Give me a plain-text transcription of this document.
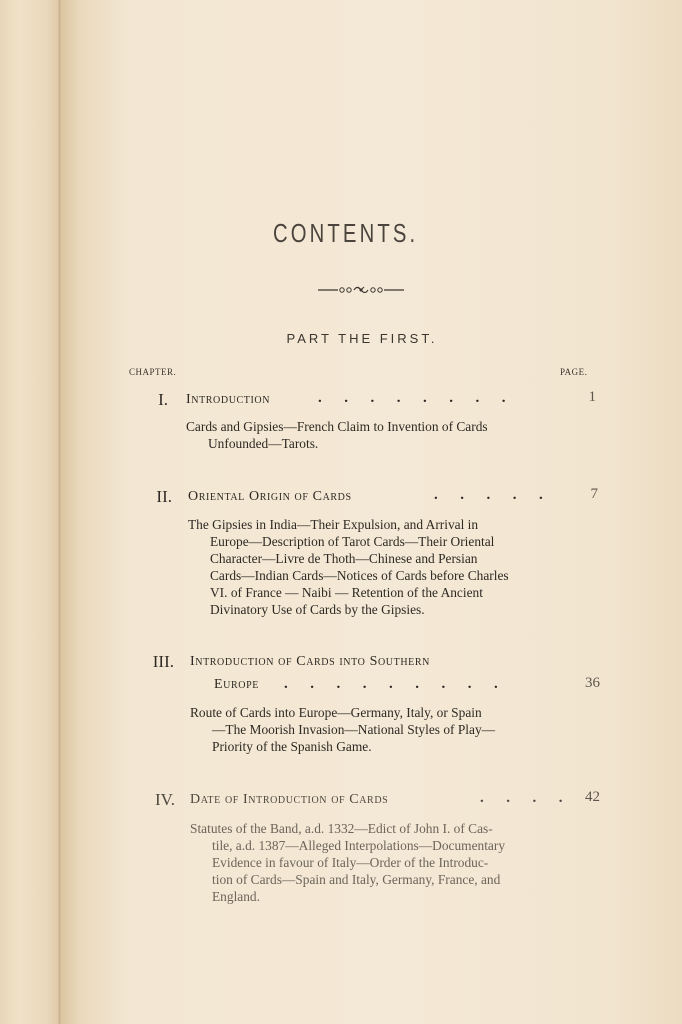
CONTENTS.
PART THE FIRST.
CHAPTER.	PAGE.
I. Introduction	.      .      .      .      .      .      .      .	1
Cards and Gipsies—French Claim to Invention of Cards
Unfounded—Tarots.
II. Oriental Origin of Cards	.      .      .      .      .	7
The Gipsies in India—Their Expulsion, and Arrival in
Europe—Description of Tarot Cards—Their Oriental
Character—Livre de Thoth—Chinese and Persian
Cards—Indian Cards—Notices of Cards before Charles
VI. of France — Naibi — Retention of the Ancient
Divinatory Use of Cards by the Gipsies.
III. Introduction of Cards into Southern
Europe .      .      .      .      .      .      .      .      .	36
Route of Cards into Europe—Germany, Italy, or Spain
—The Moorish Invasion—National Styles of Play—
Priority of the Spanish Game.
IV. Date of Introduction of Cards	.      .      .      .	42
Statutes of the Band, a.d. 1332—Edict of John I. of Cas-
tile, a.d. 1387—Alleged Interpolations—Documentary
Evidence in favour of Italy—Order of the Introduc-
tion of Cards—Spain and Italy, Germany, France, and
England.
